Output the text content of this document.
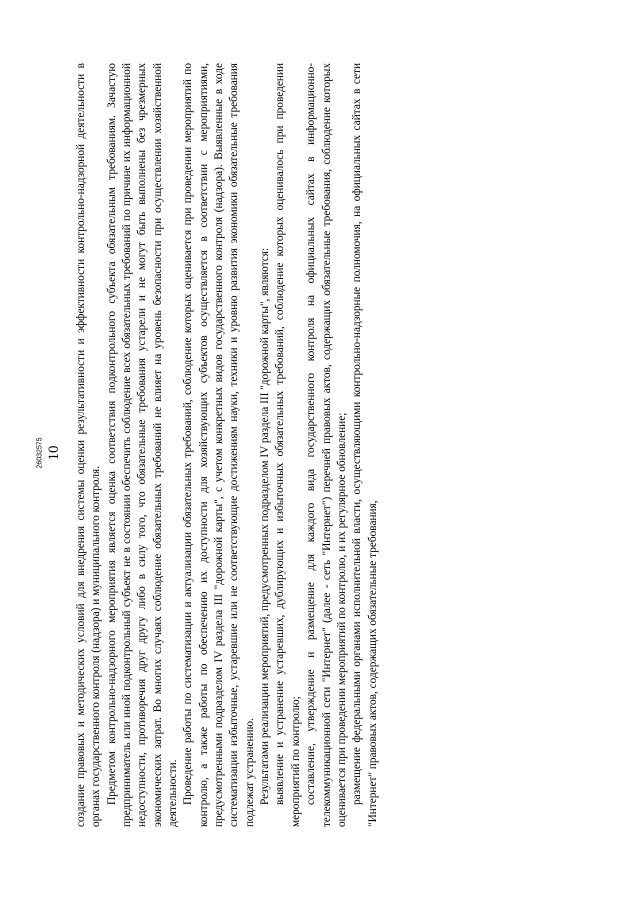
10 создание правовых и методических условий для внедрения системы оценки результативности и эффективности контрольно-надзорной деятельности в органах государственного контроля (надзора) и муниципального контроля. Предметом контрольно-надзорного мероприятия является оценка соответствия подконтрольного субъекта обязательным требованиям. Зачастую предприниматель или иной подконтрольный субъект не в состоянии обеспечить соблюдение всех обязательных требований по причине их информационной недоступности, противоречия друг другу либо в силу того, что обязательные требования устарели и не могут быть выполнены без чрезмерных экономических затрат. Во многих случаях соблюдение обязательных требований не влияет на уровень безопасности при осуществлении хозяйственной деятельности. Проведение работы по систематизации и актуализации обязательных требований, соблюдение которых оценивается при проведении мероприятий по контролю, а также работы по обеспечению их доступности для хозяйствующих субъектов осуществляется в соответствии с мероприятиями, предусмотренными подразделом IV раздела III "дорожной карты", с учетом конкретных видов государственного контроля (надзора). Выявленные в ходе систематизации избыточные, устаревшие или не соответствующие достижениям науки, техники и уровню развития экономики обязательные требования подлежат устранению. Результатами реализации мероприятий, предусмотренных подразделом IV раздела III "дорожной карты", являются: выявление и устранение устаревших, дублирующих и избыточных обязательных требований, соблюдение которых оценивалось при проведении мероприятий по контролю; составление, утверждение и размещение для каждого вида государственного контроля на официальных сайтах в информационно-телекоммуникационной сети "Интернет" (далее - сеть "Интернет") перечней правовых актов, содержащих обязательные требования, соблюдение которых оценивается при проведении мероприятий по контролю, и их регулярное обновление; размещение федеральными органами исполнительной власти, осуществляющими контрольно-надзорные полномочия, на официальных сайтах в сети "Интернет" правовых актов, содержащих обязательные требования,

26032575
